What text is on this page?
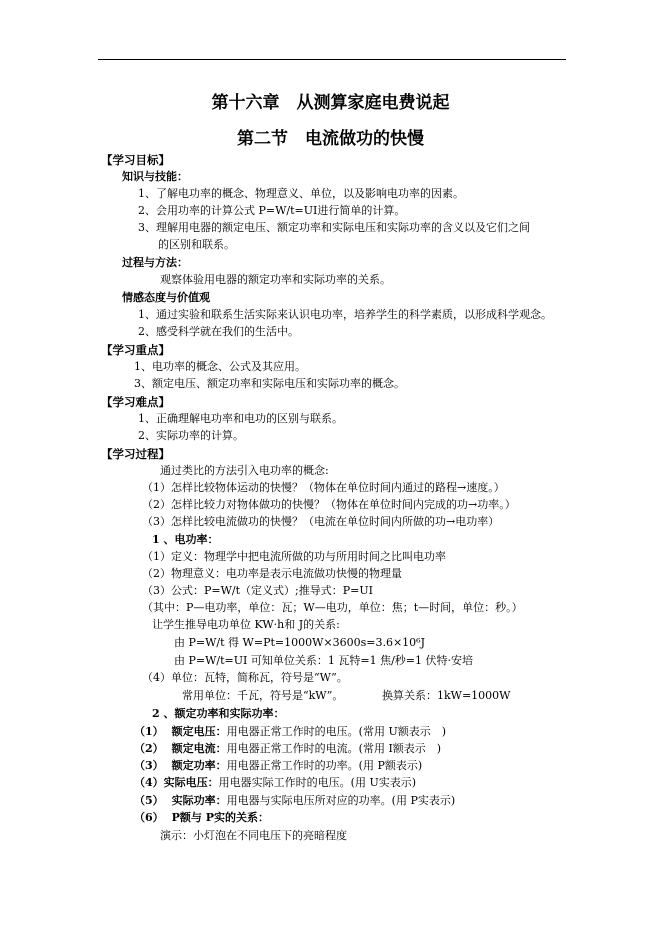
第十六章　从测算家庭电费说起
第二节　电流做功的快慢
【学习目标】
知识与技能：
1、了解电功率的概念、物理意义、单位，以及影响电功率的因素。
2、会用功率的计算公式 P=W/t=UI进行简单的计算。
3、理解用电器的额定电压、额定功率和实际电压和实际功率的含义以及它们之间
的区别和联系。
过程与方法：
观察体验用电器的额定功率和实际功率的关系。
情感态度与价值观
1、通过实验和联系生活实际来认识电功率，培养学生的科学素质，以形成科学观念。
2、感受科学就在我们的生活中。
【学习重点】
1、电功率的概念、公式及其应用。
3、额定电压、额定功率和实际电压和实际功率的概念。
【学习难点】
1、正确理解电功率和电功的区别与联系。
2、实际功率的计算。
【学习过程】
通过类比的方法引入电功率的概念:
（1）怎样比较物体运动的快慢？（物体在单位时间内通过的路程→速度。）
（2）怎样比较力对物体做功的快慢？（物体在单位时间内完成的功→功率。）
（3）怎样比较电流做功的快慢？（电流在单位时间内所做的功→电功率）
1 、电功率：
（1）定义：物理学中把电流所做的功与所用时间之比叫电功率
（2）物理意义：电功率是表示电流做功快慢的物理量
（3）公式：P=W/t（定义式）;推导式：P=UI
（其中：P—电功率，单位：瓦；W—电功，单位：焦；t—时间，单位：秒。）
让学生推导电功单位 KW·h和 J的关系:
由 P=W/t 得 W=Pt=1000W×3600s=3.6×10⁶J
由 P=W/t=UI 可知单位关系：1 瓦特=1 焦/秒=1 伏特·安培
（4）单位：瓦特，简称瓦，符号是“W”。
常用单位：千瓦，符号是“kW”。	换算关系：1kW=1000W
2 、额定功率和实际功率：
（1） 额定电压：用电器正常工作时的电压。(常用 U额表示　)
（2） 额定电流：用电器正常工作时的电流。(常用 I额表示　)
（3） 额定功率：用电器正常工作时的功率。(用 P额表示)
（4）实际电压：用电器实际工作时的电压。(用 U实表示)
（5） 实际功率：用电器与实际电压所对应的功率。(用 P实表示)
（6） P额与 P实的关系：
演示：小灯泡在不同电压下的亮暗程度
